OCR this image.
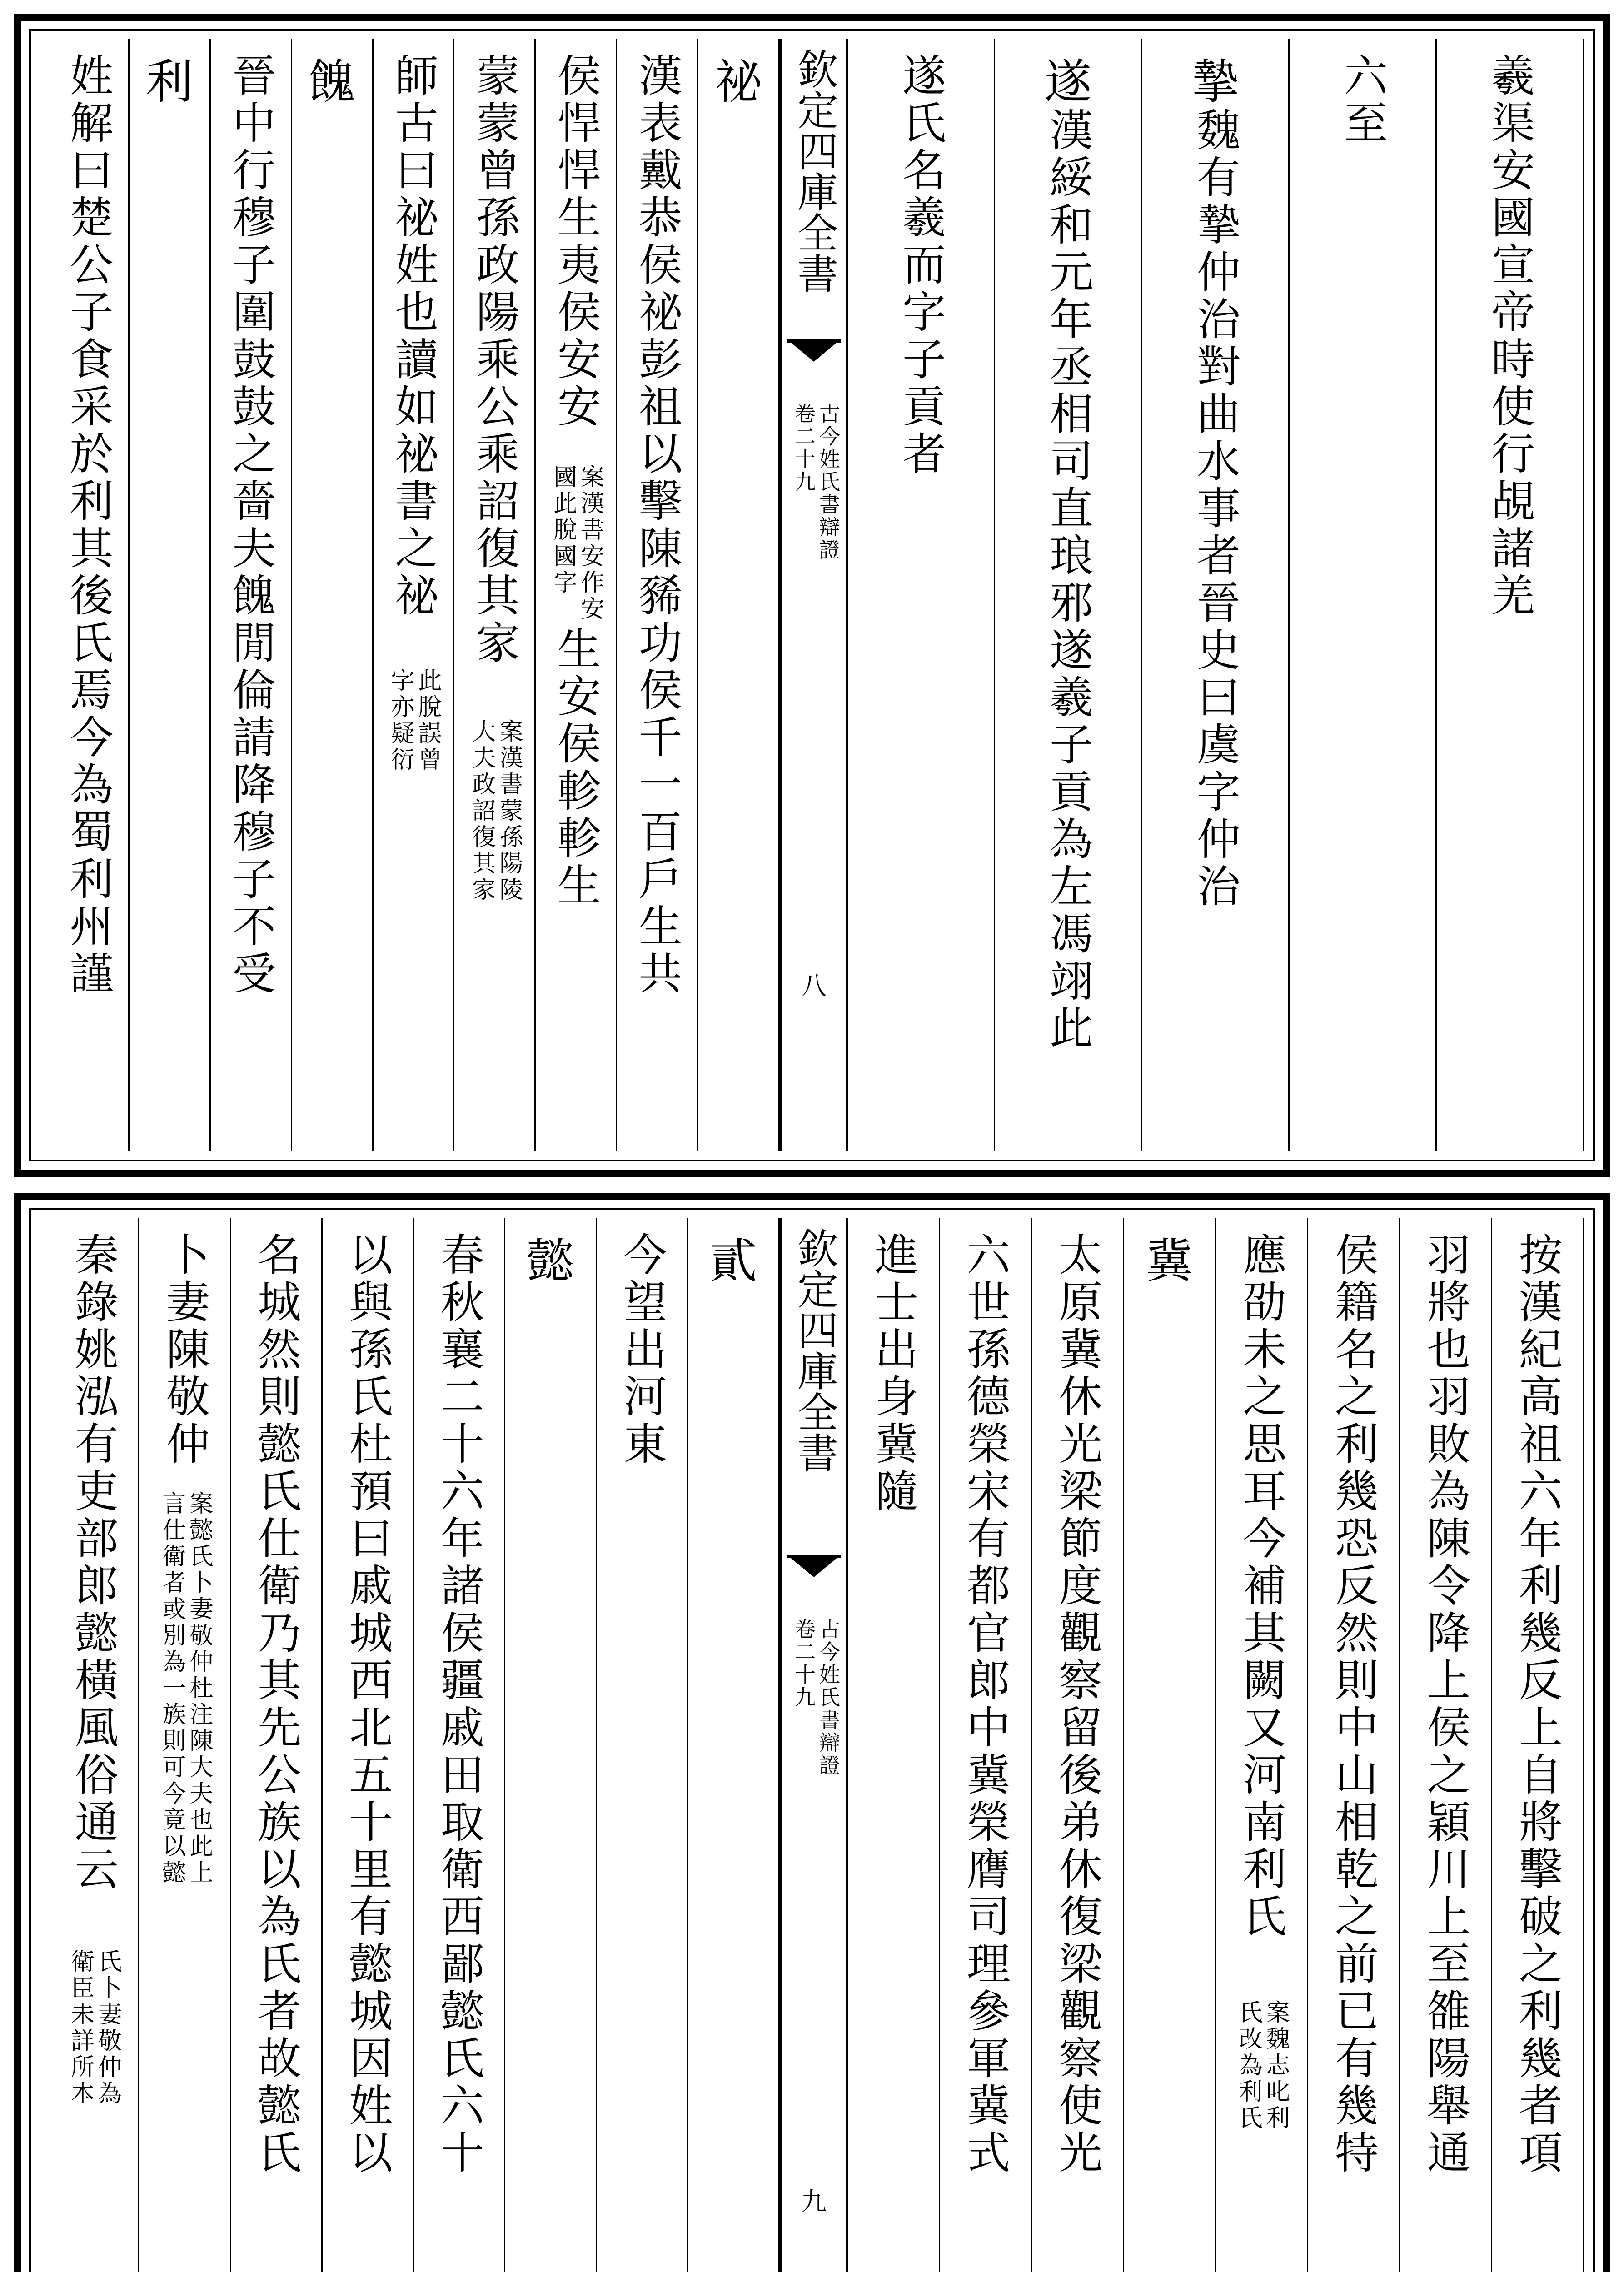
欽定四庫全書
古今姓氏書辯證
卷二十九
八
羲渠安國宣帝時使行覘諸羌
六至
摯
魏有摯仲治對曲水事者晉史曰虞字仲治
遂
漢綏和元年丞相司直琅邪遂羲子貢為左馮翊此
遂氏名羲而字子貢者
祕
漢表戴恭侯祕彭祖以擊陳豨功侯千一百戶生共
侯悍悍生夷侯安安
案漢書安作安
國此脫國字
生安侯軫軫生
蒙蒙曾孫政陽乘公乘詔復其家
案漢書蒙孫陽陵
大夫政詔復其家
師古曰祕姓也讀如祕書之祕
此脫誤曾
字亦疑衍
餽
晉中行穆子圍鼓鼓之嗇夫餽閒倫請降穆子不受
利
姓解曰楚公子食采於利其後氏焉今為蜀利州謹
欽定四庫全書
古今姓氏書辯證
卷二十九
九
按漢紀高祖六年利幾反上自將擊破之利幾者項
羽將也羽敗為陳令降上侯之穎川上至雒陽舉通
侯籍名之利幾恐反然則中山相乾之前已有幾特
應劭未之思耳今補其闕又河南利氏
案魏志叱利
氏改為利氏
冀
太原冀休光梁節度觀察留後弟休復梁觀察使光
六世孫德榮宋有都官郎中冀榮膺司理參軍冀式
進士出身冀隨
貳
今望出河東
懿
春秋襄二十六年諸侯疆戚田取衛西鄙懿氏六十
以與孫氏杜預曰戚城西北五十里有懿城因姓以
名城然則懿氏仕衛乃其先公族以為氏者故懿氏
卜妻陳敬仲
案懿氏卜妻敬仲杜注陳大夫也此上
言仕衛者或別為一族則可今竟以懿
秦錄姚泓有吏部郎懿橫風俗通云
氏卜妻敬仲為
衛臣未詳所本
